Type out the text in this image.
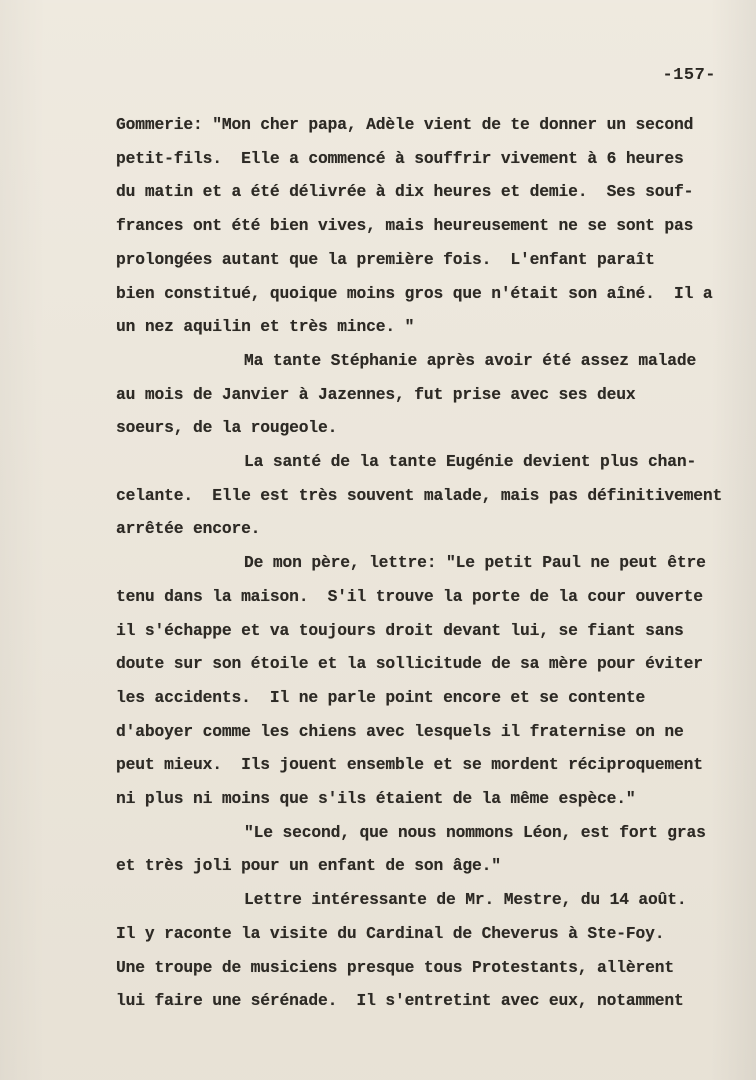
-157-
Gommerie: "Mon cher papa, Adèle vient de te donner un second
petit-fils.  Elle a commencé à souffrir vivement à 6 heures
du matin et a été délivrée à dix heures et demie.  Ses souf-
frances ont été bien vives, mais heureusement ne se sont pas
prolongées autant que la première fois.  L'enfant paraît
bien constitué, quoique moins gros que n'était son aîné.  Il a
un nez aquilin et très mince. "
Ma tante Stéphanie après avoir été assez malade
au mois de Janvier à Jazennes, fut prise avec ses deux
soeurs, de la rougeole.
La santé de la tante Eugénie devient plus chan-
celante.  Elle est très souvent malade, mais pas définitivement
arrêtée encore.
De mon père, lettre: "Le petit Paul ne peut être
tenu dans la maison.  S'il trouve la porte de la cour ouverte
il s'échappe et va toujours droit devant lui, se fiant sans
doute sur son étoile et la sollicitude de sa mère pour éviter
les accidents.  Il ne parle point encore et se contente
d'aboyer comme les chiens avec lesquels il fraternise on ne
peut mieux.  Ils jouent ensemble et se mordent réciproquement
ni plus ni moins que s'ils étaient de la même espèce."
"Le second, que nous nommons Léon, est fort gras
et très joli pour un enfant de son âge."
Lettre intéressante de Mr. Mestre, du 14 août.
Il y raconte la visite du Cardinal de Cheverus à Ste-Foy.
Une troupe de musiciens presque tous Protestants, allèrent
lui faire une sérénade.  Il s'entretint avec eux, notamment
